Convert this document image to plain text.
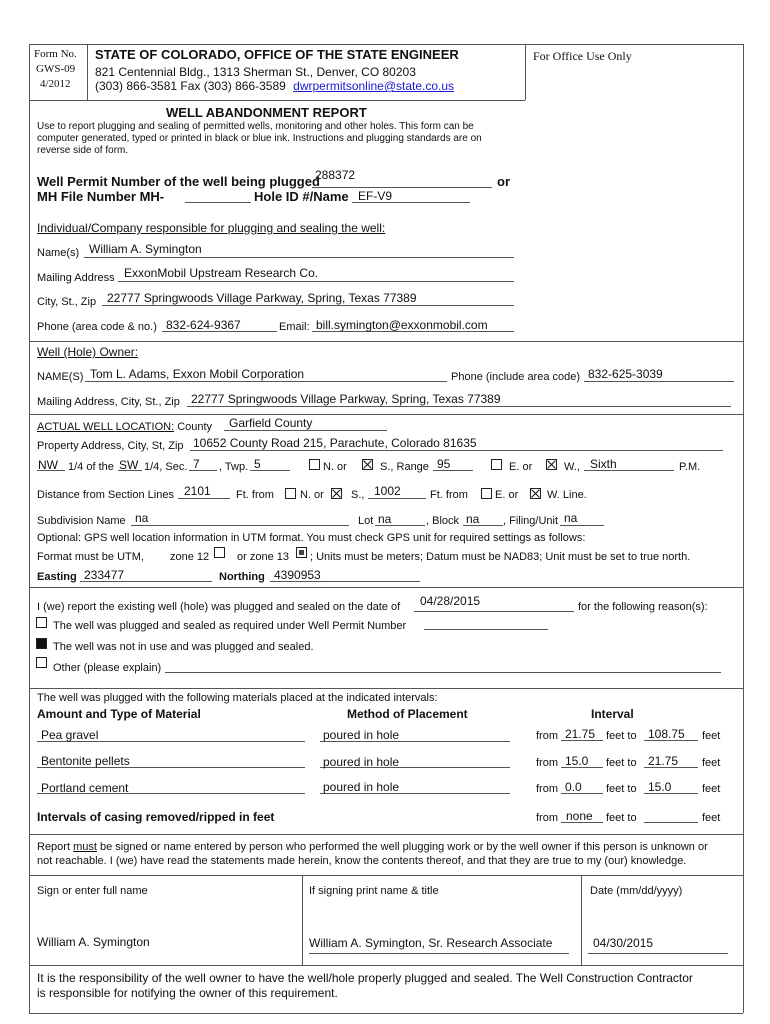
Form No.
GWS-09
4/2012
STATE OF COLORADO, OFFICE OF THE STATE ENGINEER
821 Centennial Bldg., 1313 Sherman St., Denver, CO 80203
(303) 866-3581 Fax (303) 866-3589 dwrpermitsonline@state.co.us
For Office Use Only
WELL ABANDONMENT REPORT
Use to report plugging and sealing of permitted wells, monitoring and other holes. This form can be
computer generated, typed or printed in black or blue ink. Instructions and plugging standards are on
reverse side of form.
Well Permit Number of the well being plugged
288372	or
MH File Number MH-	Hole ID #/Name EF-V9
Individual/Company responsible for plugging and sealing the well:
Name(s) William A. Symington
Mailing Address ExxonMobil Upstream Research Co.
City, St., Zip 22777 Springwoods Village Parkway, Spring, Texas 77389
Phone (area code & no.) 832-624-9367	Email: bill.symington@exxonmobil.com
Well (Hole) Owner:
NAME(S) Tom L. Adams, Exxon Mobil Corporation	Phone (include area code) 832-625-3039
Mailing Address, City, St., Zip 22777 Springwoods Village Parkway, Spring, Texas 77389
ACTUAL WELL LOCATION: County Garfield County
Property Address, City, St, Zip 10652 County Road 215, Parachute, Colorado 81635
NW 1/4 of the SW 1/4, Sec. 7 , Twp. 5	N. or	S., Range 95	E. or	W., Sixth	P.M.
Distance from Section Lines 2101 Ft. from N. or S., 1002	Ft. from E. or	W. Line.
Subdivision Name na	Lot na	, Block na , Filing/Unit na
Optional: GPS well location information in UTM format. You must check GPS unit for required settings as follows:
Format must be UTM, zone 12	or zone 13 ; Units must be meters; Datum must be NAD83; Unit must be set to true north.
Easting 233477	Northing 4390953
I (we) report the existing well (hole) was plugged and sealed on the date of 04/28/2015	for the following reason(s):
The well was plugged and sealed as required under Well Permit Number
The well was not in use and was plugged and sealed.
Other (please explain)
The well was plugged with the following materials placed at the indicated intervals:
Amount and Type of Material	Method of Placement	Interval
Pea gravel	poured in hole	from 21.75 feet to 108.75 feet
Bentonite pellets	poured in hole	from 15.0 feet to 21.75 feet
Portland cement	poured in hole	from 0.0 feet to 15.0	feet
Intervals of casing removed/ripped in feet	from none feet to	feet
Report must be signed or name entered by person who performed the well plugging work or by the well owner if this person is unknown or
not reachable. I (we) have read the statements made herein, know the contents thereof, and that they are true to my (our) knowledge.
Sign or enter full name	If signing print name & title	Date (mm/dd/yyyy)
William A. Symington	William A. Symington, Sr. Research Associate	04/30/2015
It is the responsibility of the well owner to have the well/hole properly plugged and sealed. The Well Construction Contractor
is responsible for notifying the owner of this requirement.
